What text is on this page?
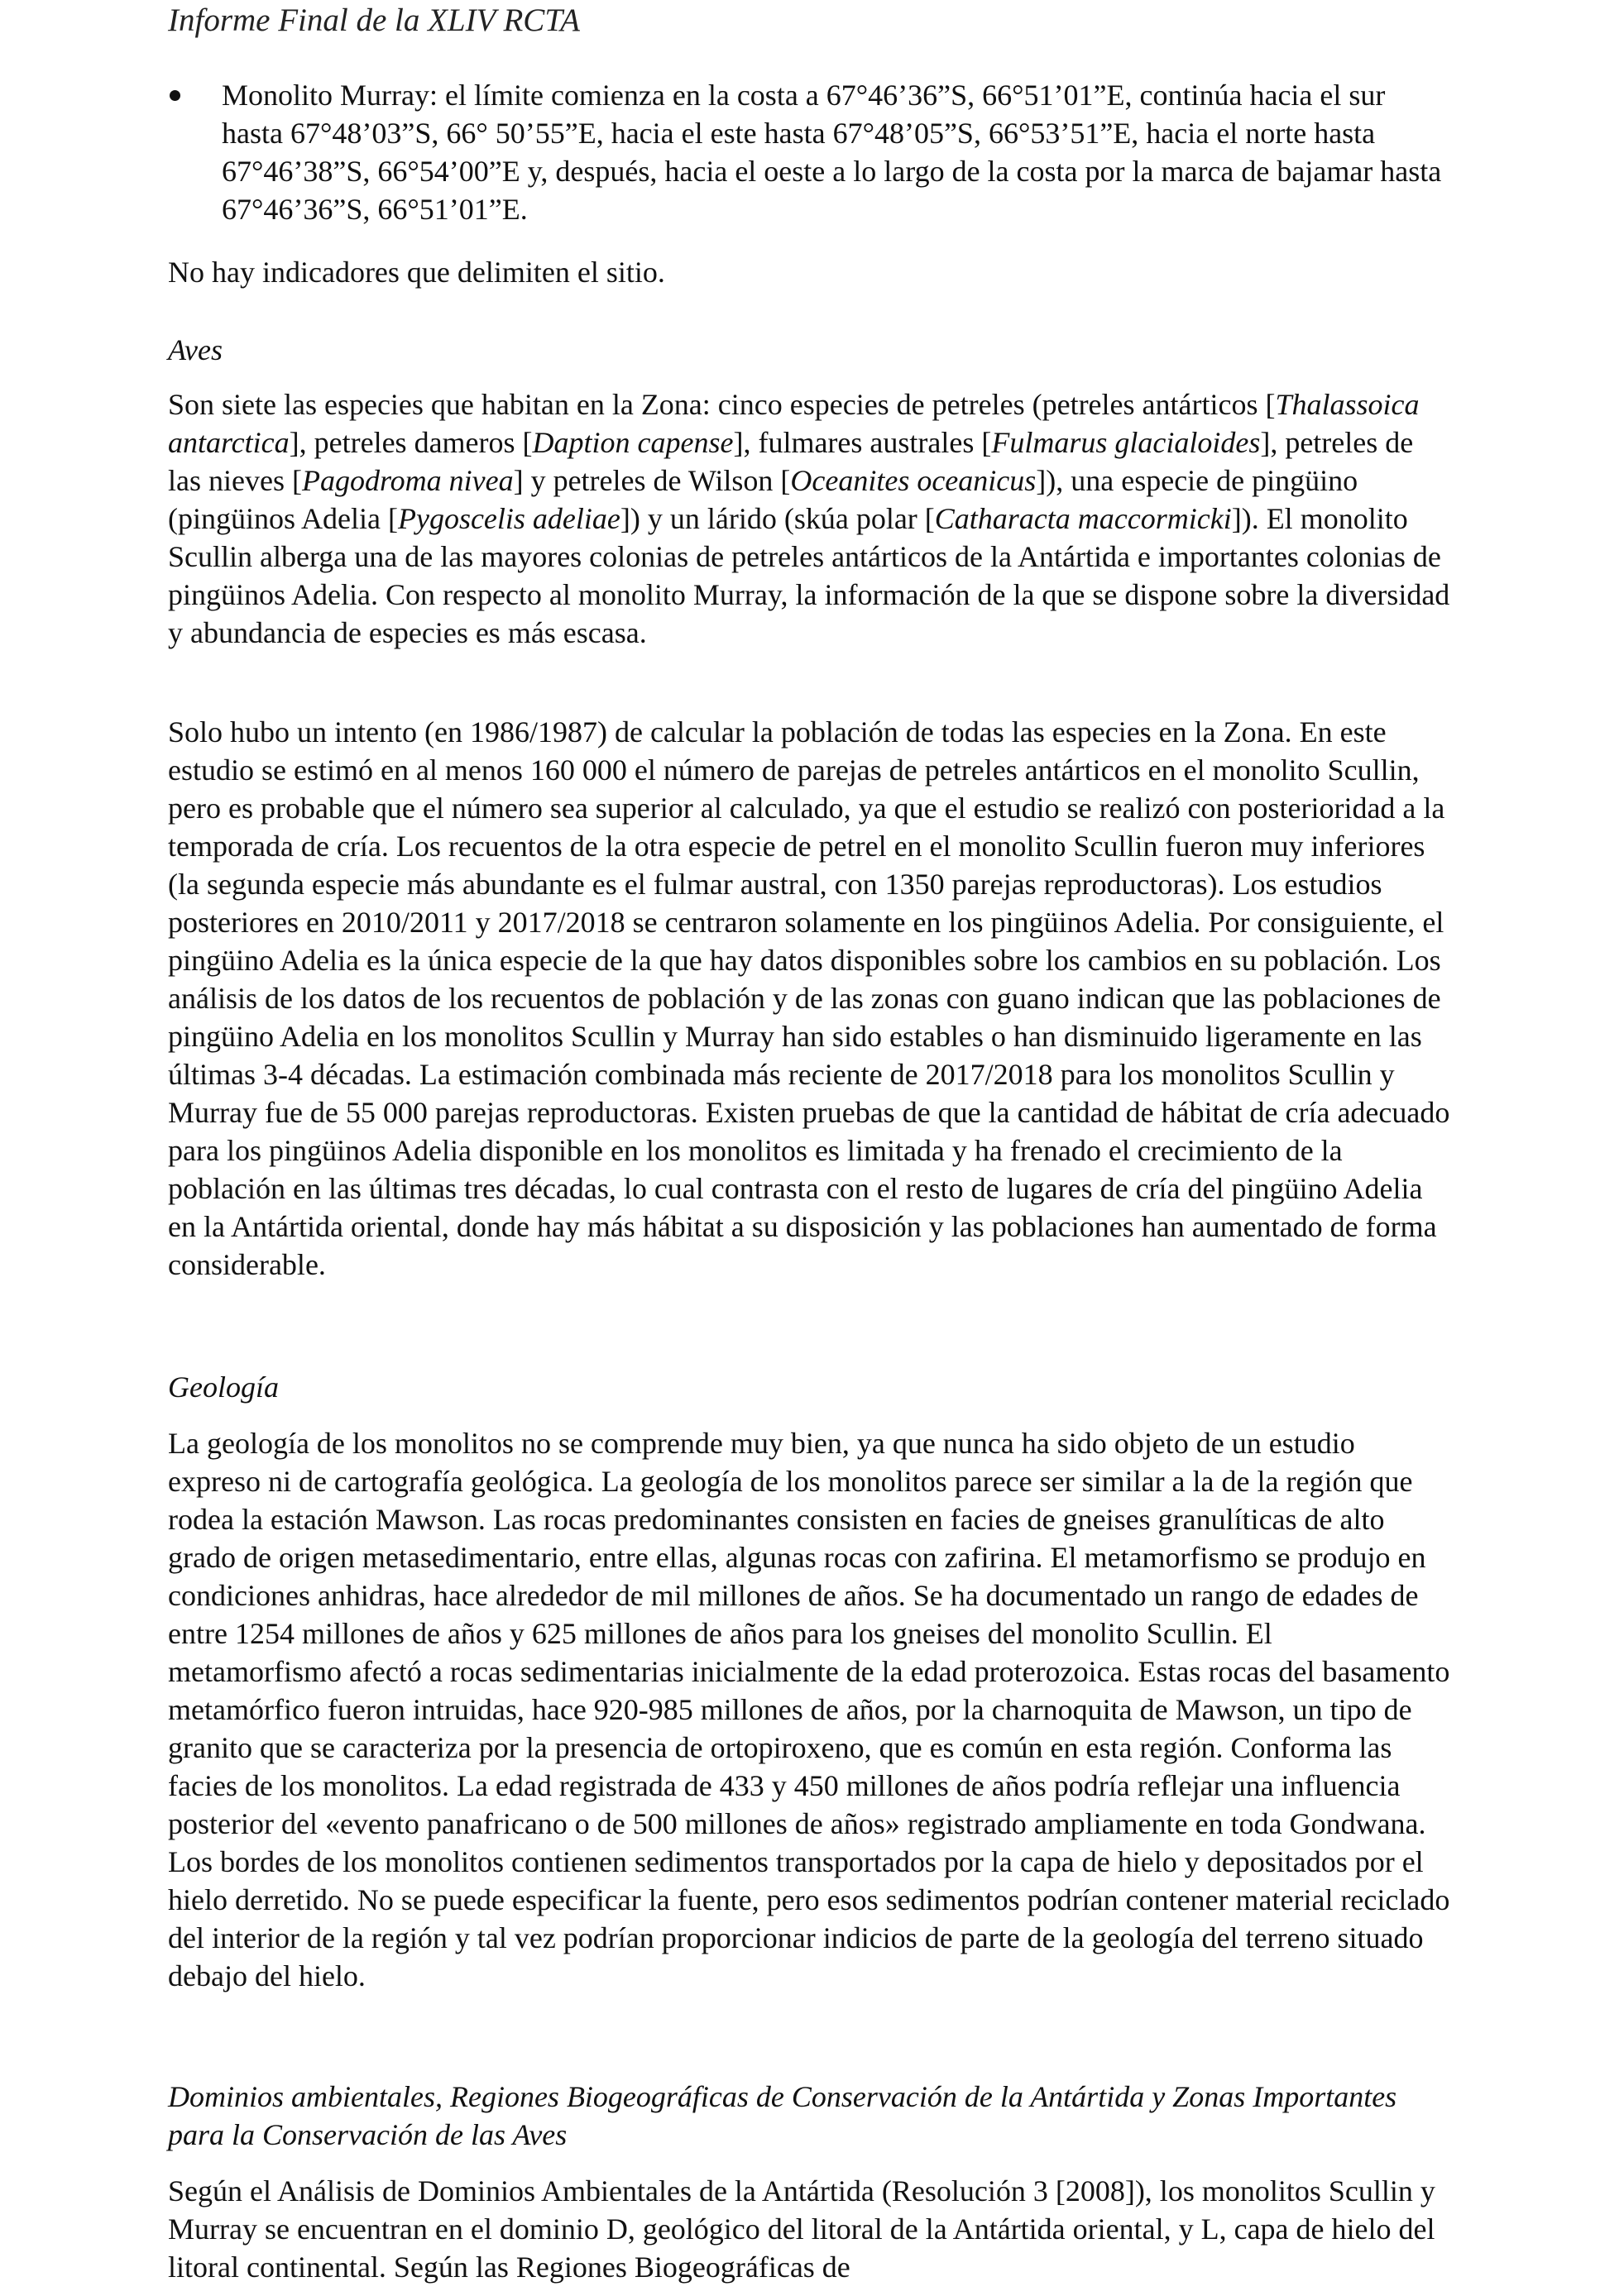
Informe Final de la XLIV RCTA
Monolito Murray: el límite comienza en la costa a 67°46’36”S, 66°51’01”E, continúa hacia el sur hasta 67°48’03”S, 66° 50’55”E, hacia el este hasta 67°48’05”S, 66°53’51”E, hacia el norte hasta 67°46’38”S, 66°54’00”E y, después, hacia el oeste a lo largo de la costa por la marca de bajamar hasta 67°46’36”S, 66°51’01”E.

No hay indicadores que delimiten el sitio.

Aves

Son siete las especies que habitan en la Zona: cinco especies de petreles (petreles antárticos [Thalassoica antarctica], petreles dameros [Daption capense], fulmares australes [Fulmarus glacialoides], petreles de las nieves [Pagodroma nivea] y petreles de Wilson [Oceanites oceanicus]), una especie de pingüino (pingüinos Adelia [Pygoscelis adeliae]) y un lárido (skúa polar [Catharacta maccormicki]). El monolito Scullin alberga una de las mayores colonias de petreles antárticos de la Antártida e importantes colonias de pingüinos Adelia. Con respecto al monolito Murray, la información de la que se dispone sobre la diversidad y abundancia de especies es más escasa.

Solo hubo un intento (en 1986/1987) de calcular la población de todas las especies en la Zona. En este estudio se estimó en al menos 160 000 el número de parejas de petreles antárticos en el monolito Scullin, pero es probable que el número sea superior al calculado, ya que el estudio se realizó con posterioridad a la temporada de cría. Los recuentos de la otra especie de petrel en el monolito Scullin fueron muy inferiores (la segunda especie más abundante es el fulmar austral, con 1350 parejas reproductoras). Los estudios posteriores en 2010/2011 y 2017/2018 se centraron solamente en los pingüinos Adelia. Por consiguiente, el pingüino Adelia es la única especie de la que hay datos disponibles sobre los cambios en su población. Los análisis de los datos de los recuentos de población y de las zonas con guano indican que las poblaciones de pingüino Adelia en los monolitos Scullin y Murray han sido estables o han disminuido ligeramente en las últimas 3-4 décadas. La estimación combinada más reciente de 2017/2018 para los monolitos Scullin y Murray fue de 55 000 parejas reproductoras. Existen pruebas de que la cantidad de hábitat de cría adecuado para los pingüinos Adelia disponible en los monolitos es limitada y ha frenado el crecimiento de la población en las últimas tres décadas, lo cual contrasta con el resto de lugares de cría del pingüino Adelia en la Antártida oriental, donde hay más hábitat a su disposición y las poblaciones han aumentado de forma considerable.

Geología

La geología de los monolitos no se comprende muy bien, ya que nunca ha sido objeto de un estudio expreso ni de cartografía geológica. La geología de los monolitos parece ser similar a la de la región que rodea la estación Mawson. Las rocas predominantes consisten en facies de gneises granulíticas de alto grado de origen metasedimentario, entre ellas, algunas rocas con zafirina. El metamorfismo se produjo en condiciones anhidras, hace alrededor de mil millones de años. Se ha documentado un rango de edades de entre 1254 millones de años y 625 millones de años para los gneises del monolito Scullin. El metamorfismo afectó a rocas sedimentarias inicialmente de la edad proterozoica. Estas rocas del basamento metamórfico fueron intruidas, hace 920-985 millones de años, por la charnoquita de Mawson, un tipo de granito que se caracteriza por la presencia de ortopiroxeno, que es común en esta región. Conforma las facies de los monolitos. La edad registrada de 433 y 450 millones de años podría reflejar una influencia posterior del «evento panafricano o de 500 millones de años» registrado ampliamente en toda Gondwana. Los bordes de los monolitos contienen sedimentos transportados por la capa de hielo y depositados por el hielo derretido. No se puede especificar la fuente, pero esos sedimentos podrían contener material reciclado del interior de la región y tal vez podrían proporcionar indicios de parte de la geología del terreno situado debajo del hielo.

Dominios ambientales, Regiones Biogeográficas de Conservación de la Antártida y Zonas Importantes para la Conservación de las Aves

Según el Análisis de Dominios Ambientales de la Antártida (Resolución 3 [2008]), los monolitos Scullin y Murray se encuentran en el dominio D, geológico del litoral de la Antártida oriental, y L, capa de hielo del litoral continental. Según las Regiones Biogeográficas de
